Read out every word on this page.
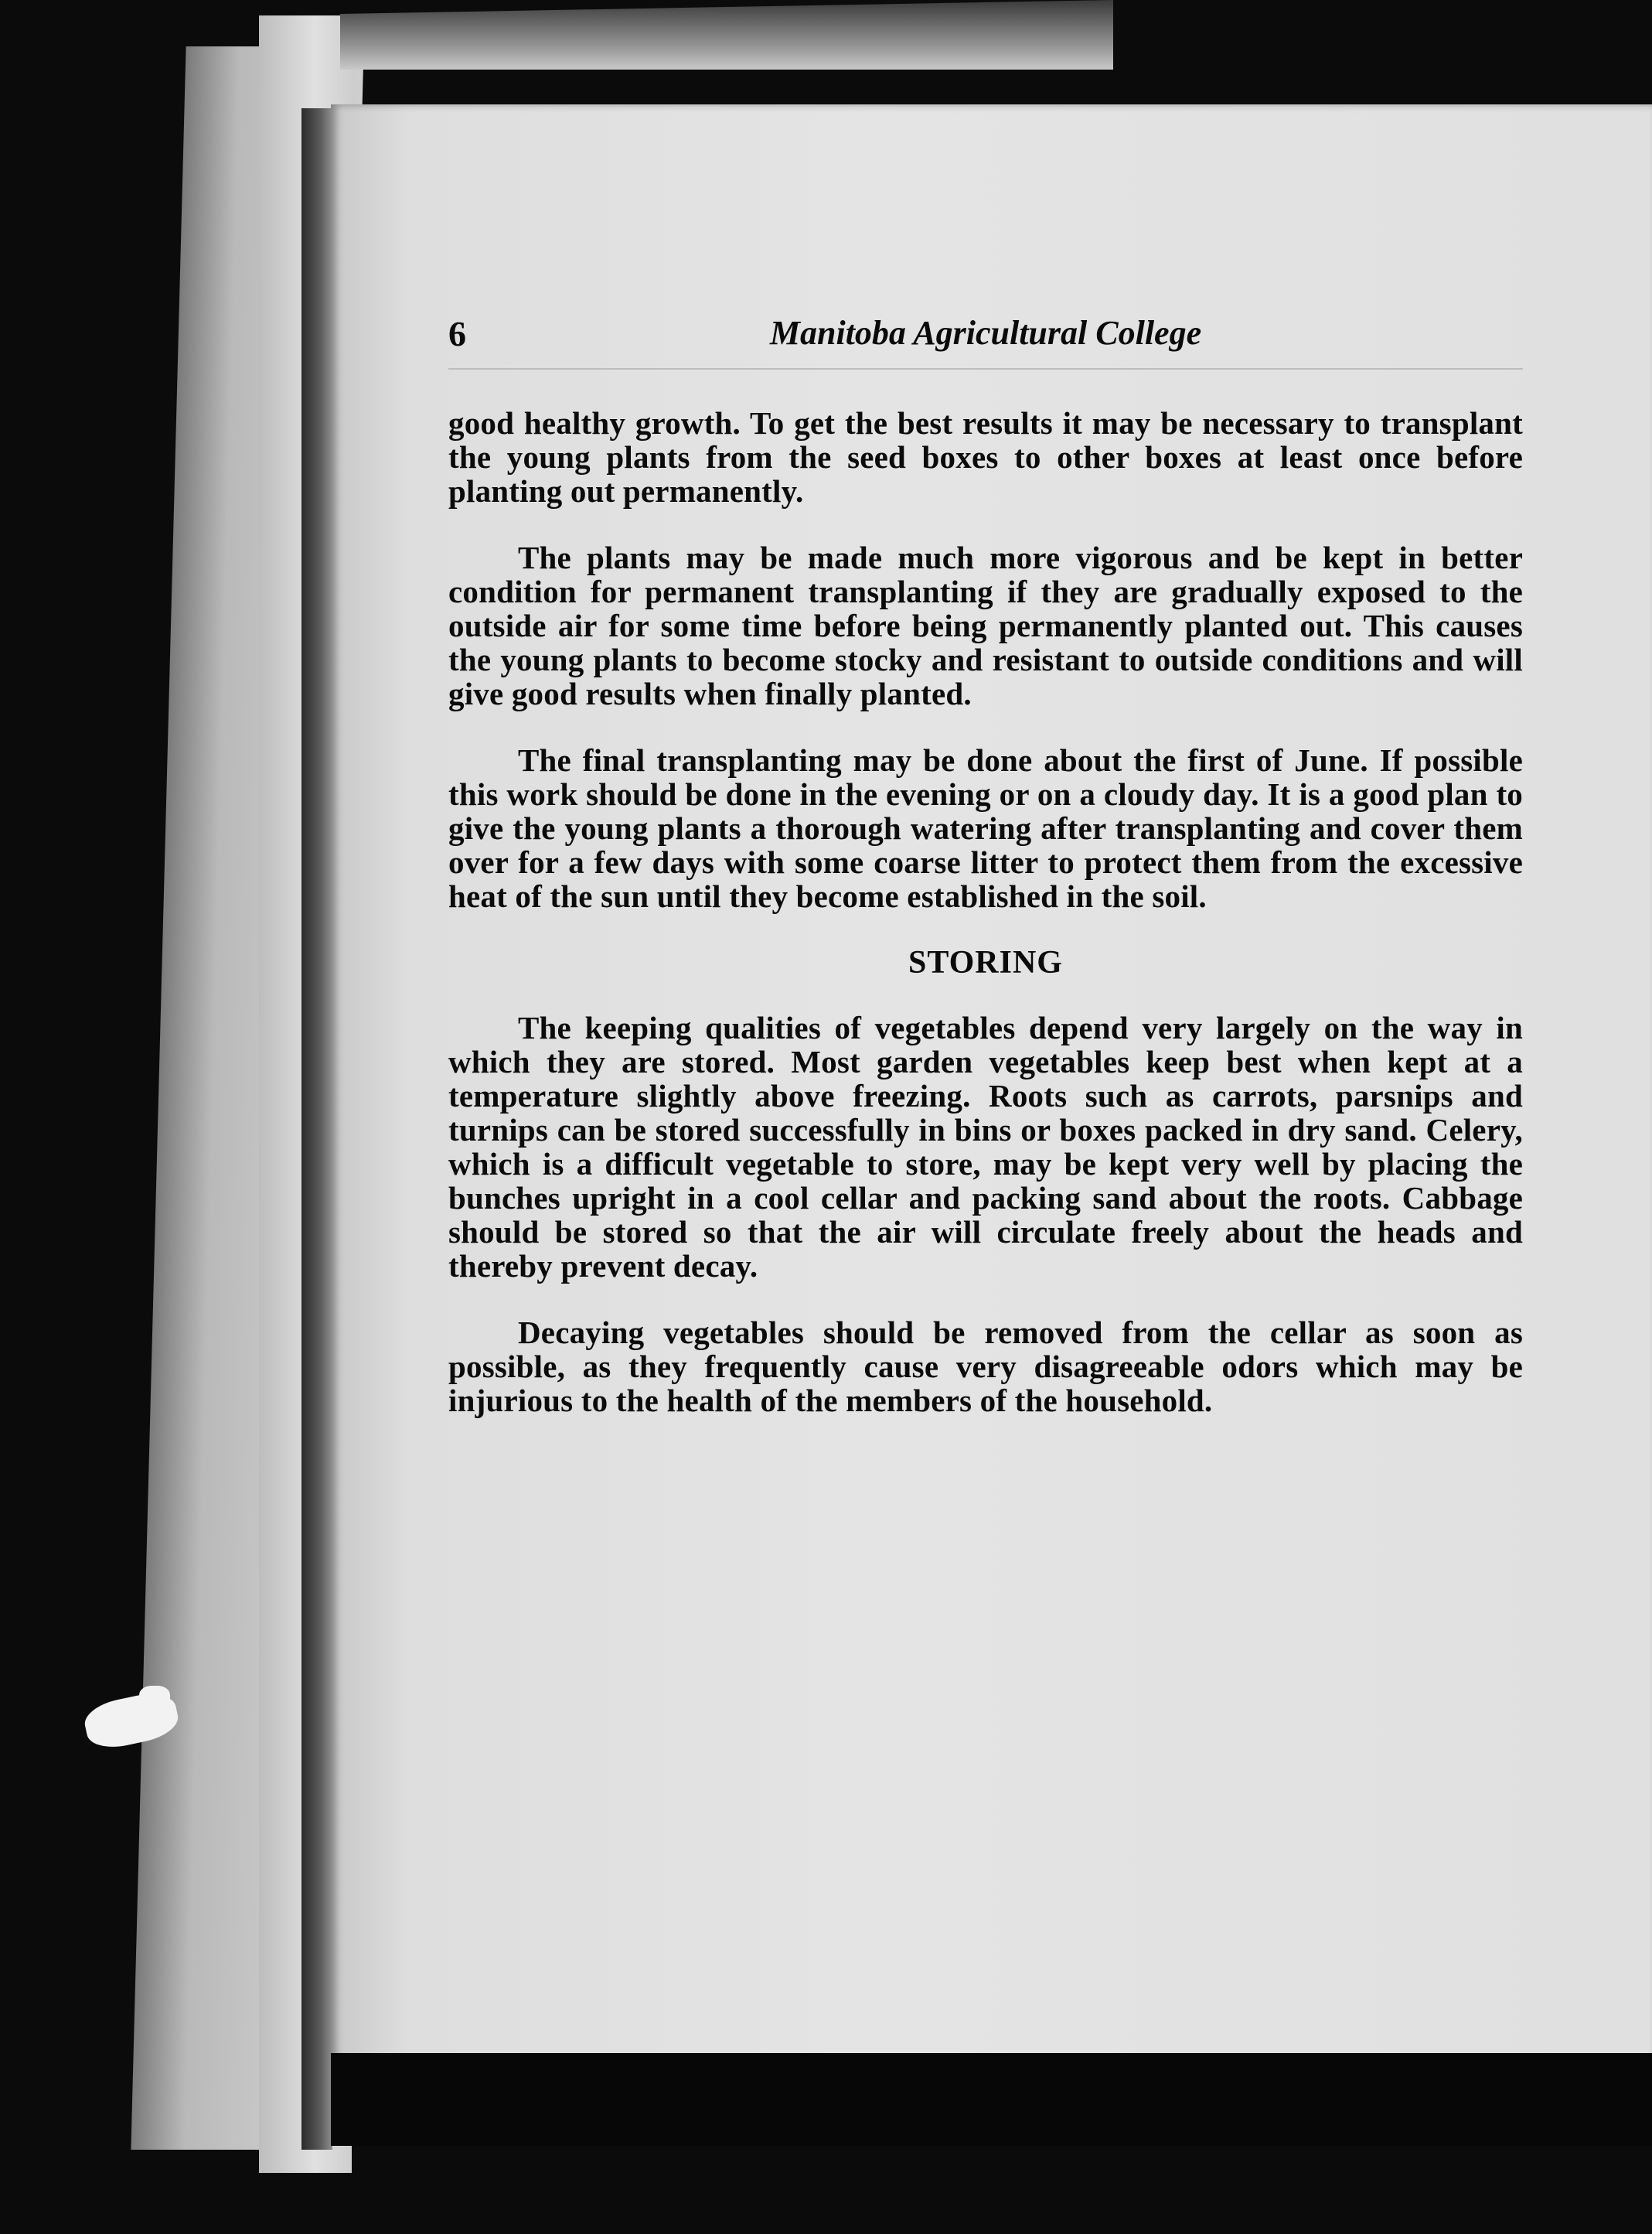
6	Manitoba Agricultural College

good healthy growth. To get the best results it may be necessary to transplant the young plants from the seed boxes to other boxes at least once before planting out permanently.

The plants may be made much more vigorous and be kept in better condition for permanent transplanting if they are gradually exposed to the outside air for some time before being permanently planted out. This causes the young plants to become stocky and resistant to outside conditions and will give good results when finally planted.

The final transplanting may be done about the first of June. If possible this work should be done in the evening or on a cloudy day. It is a good plan to give the young plants a thorough watering after transplanting and cover them over for a few days with some coarse litter to protect them from the excessive heat of the sun until they become established in the soil.

STORING

The keeping qualities of vegetables depend very largely on the way in which they are stored. Most garden vegetables keep best when kept at a temperature slightly above freezing. Roots such as carrots, parsnips and turnips can be stored successfully in bins or boxes packed in dry sand. Celery, which is a difficult vegetable to store, may be kept very well by placing the bunches upright in a cool cellar and packing sand about the roots. Cabbage should be stored so that the air will circulate freely about the heads and thereby prevent decay.

Decaying vegetables should be removed from the cellar as soon as possible, as they frequently cause very disagreeable odors which may be injurious to the health of the members of the household.
